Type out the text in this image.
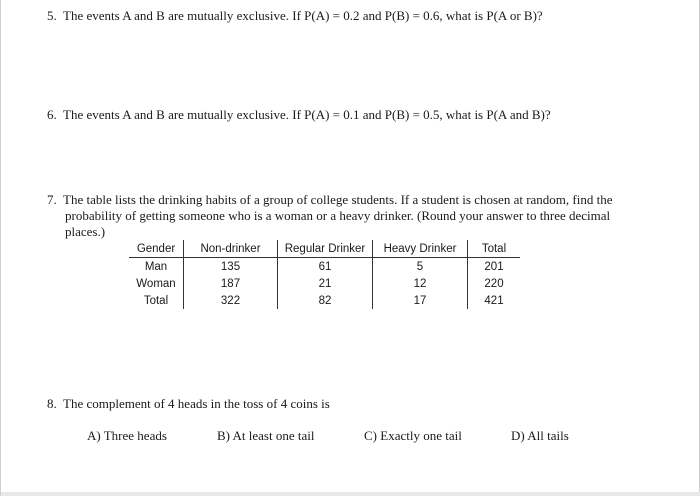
5. The events A and B are mutually exclusive. If P(A) = 0.2 and P(B) = 0.6, what is P(A or B)?
6. The events A and B are mutually exclusive. If P(A) = 0.1 and P(B) = 0.5, what is P(A and B)?
7. The table lists the drinking habits of a group of college students. If a student is chosen at random, find the
probability of getting someone who is a woman or a heavy drinker. (Round your answer to three decimal
places.)
Gender	Non-drinker	Regular Drinker	Heavy Drinker	Total
Man	135	61	5	201
Woman	187	21	12	220
Total	322	82	17	421
8. The complement of 4 heads in the toss of 4 coins is
A) Three heads	B) At least one tail	C) Exactly one tail	D) All tails
